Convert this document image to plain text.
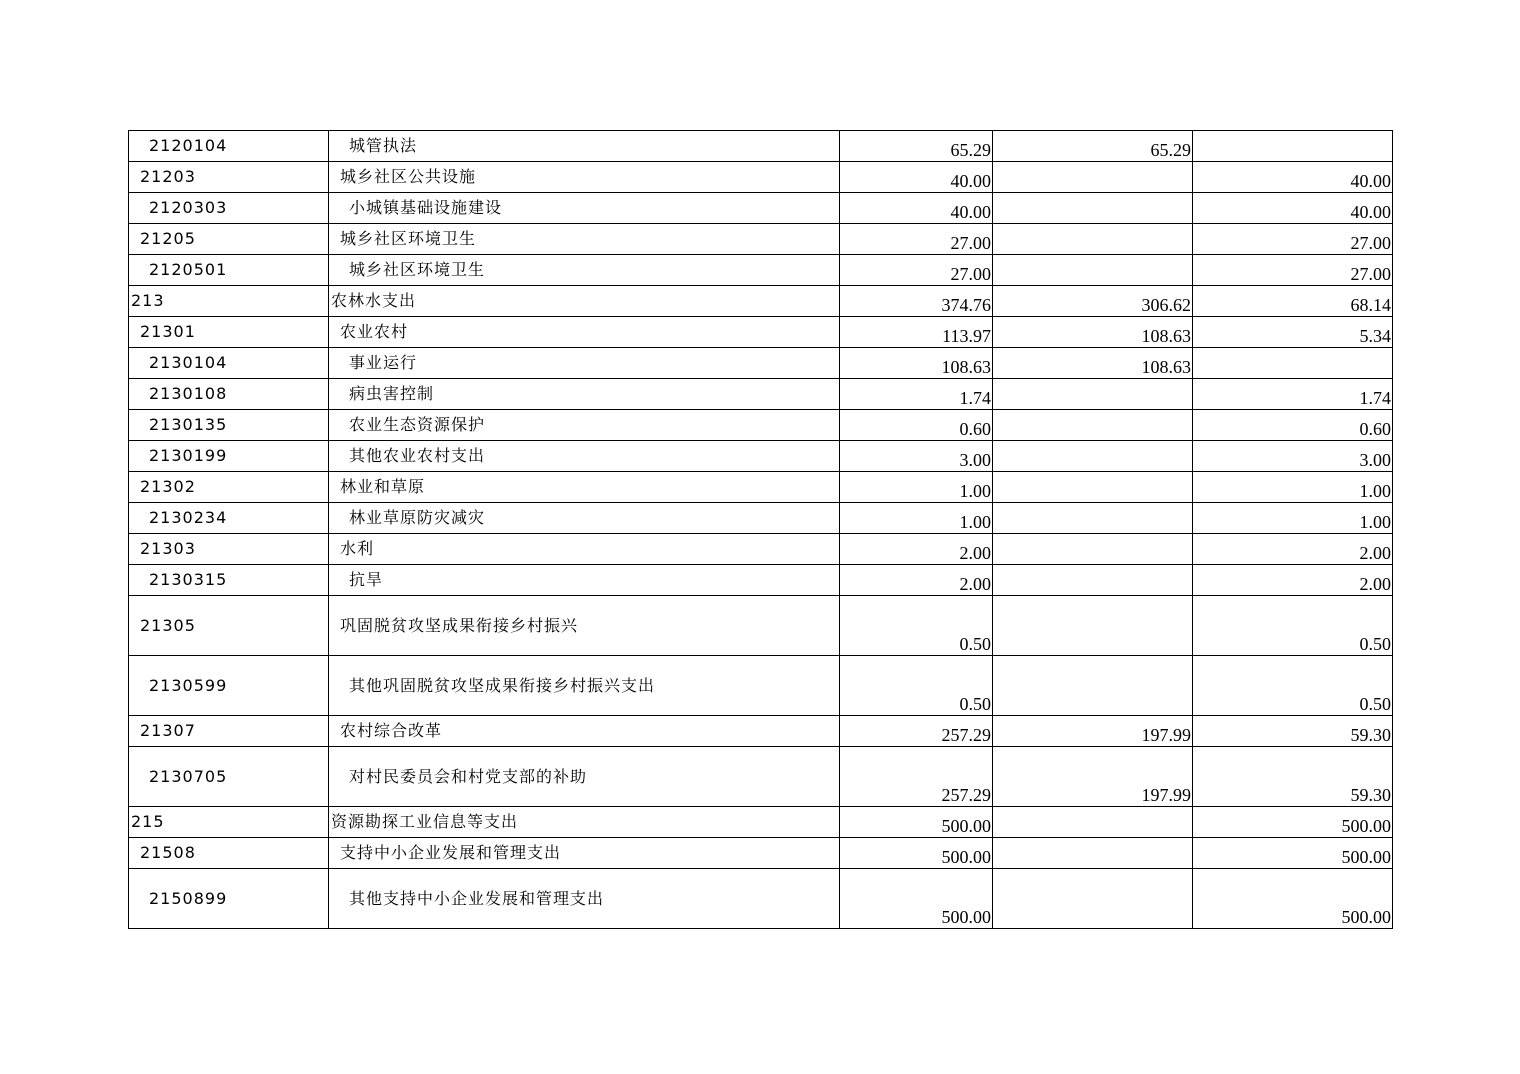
2120104	城管执法	65.29	65.29	
21203	城乡社区公共设施	40.00		40.00
2120303	小城镇基础设施建设	40.00		40.00
21205	城乡社区环境卫生	27.00		27.00
2120501	城乡社区环境卫生	27.00		27.00
213	农林水支出	374.76	306.62	68.14
21301	农业农村	113.97	108.63	5.34
2130104	事业运行	108.63	108.63	
2130108	病虫害控制	1.74		1.74
2130135	农业生态资源保护	0.60		0.60
2130199	其他农业农村支出	3.00		3.00
21302	林业和草原	1.00		1.00
2130234	林业草原防灾减灾	1.00		1.00
21303	水利	2.00		2.00
2130315	抗旱	2.00		2.00
21305	巩固脱贫攻坚成果衔接乡村振兴	0.50		0.50
2130599	其他巩固脱贫攻坚成果衔接乡村振兴支出	0.50		0.50
21307	农村综合改革	257.29	197.99	59.30
2130705	对村民委员会和村党支部的补助	257.29	197.99	59.30
215	资源勘探工业信息等支出	500.00		500.00
21508	支持中小企业发展和管理支出	500.00		500.00
2150899	其他支持中小企业发展和管理支出	500.00		500.00
